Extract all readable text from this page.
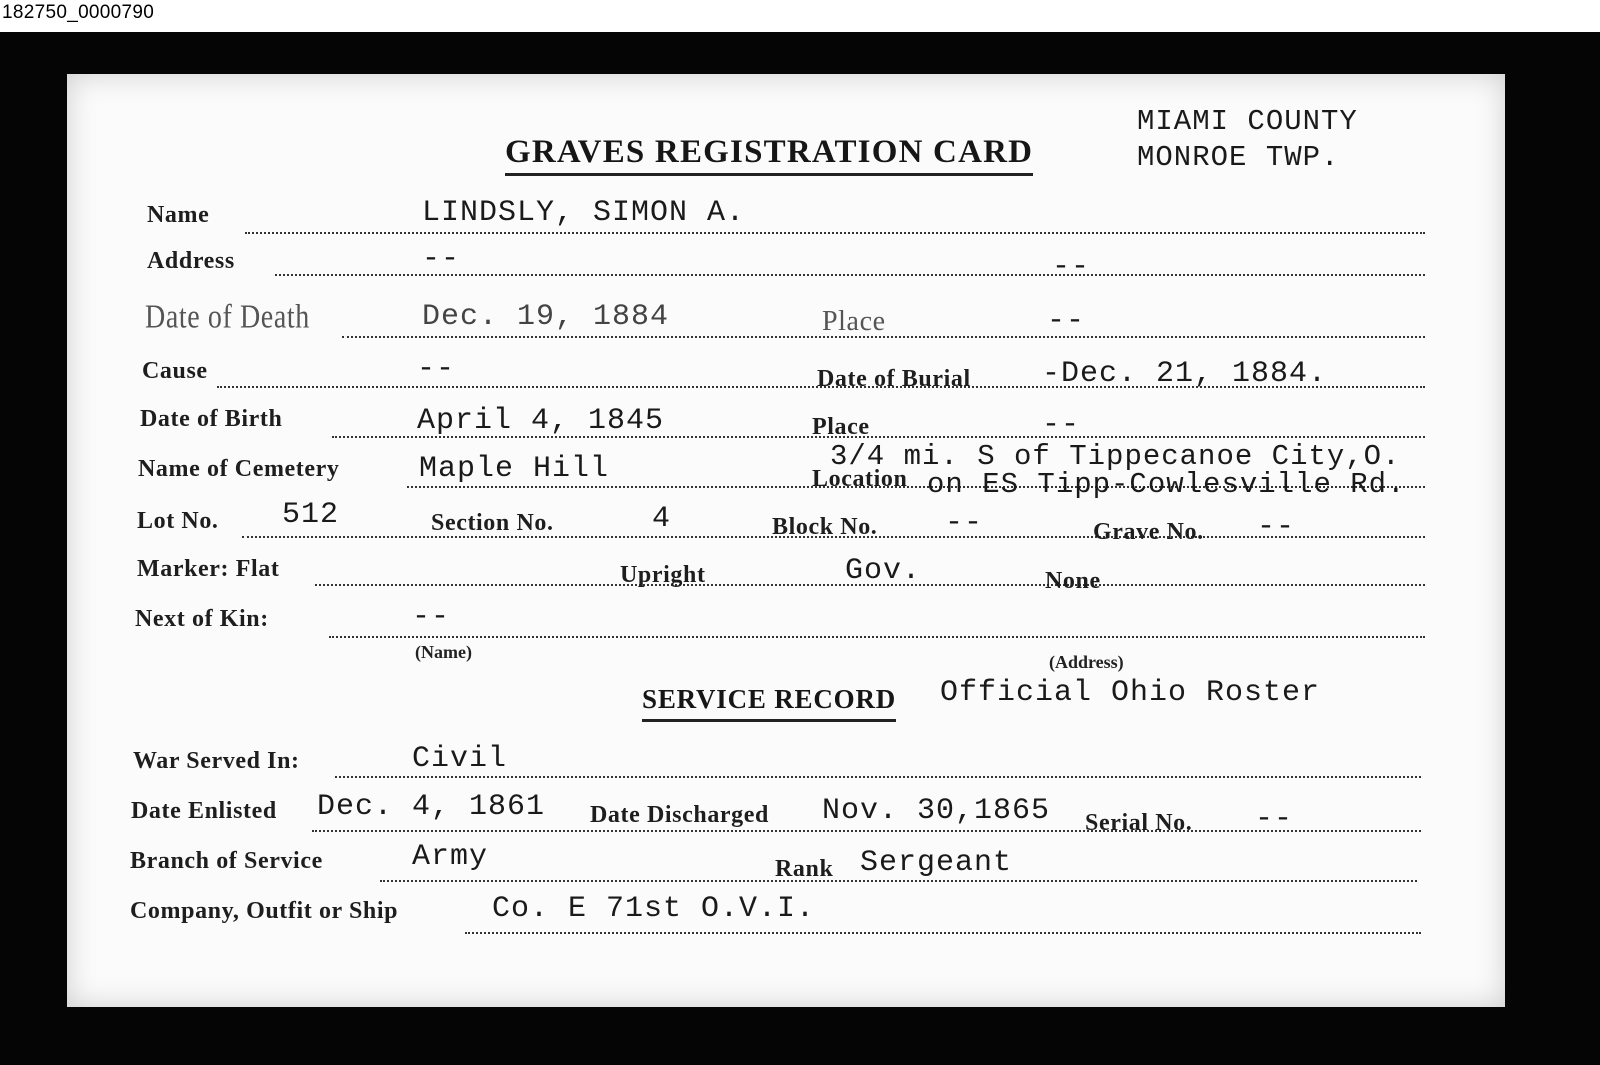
182750_0000790
GRAVES REGISTRATION CARD
MIAMI COUNTY
MONROE TWP.
Name	LINDSLY, SIMON A.
Address	--	--
Date of Death	Dec. 19, 1884	Place	--
Cause	--	Date of Burial -Dec. 21, 1884.
Date of Birth	April 4, 1845	Place	--
Name of Cemetery	Maple Hill	3/4 mi. S of Tippecanoe City,O.
Location on ES Tipp-Cowlesville Rd.
Lot No. 512	Section No.	4	Block No. --	Grave No. --
Marker: Flat	Upright	Gov.	None
Next of Kin:	--
(Name)	(Address)
SERVICE RECORD Official Ohio Roster
War Served In:	Civil
Date Enlisted Dec. 4, 1861 Date Discharged Nov. 30,1865 Serial No. --
Branch of Service	Army	Rank Sergeant
Company, Outfit or Ship	Co. E 71st O.V.I.
